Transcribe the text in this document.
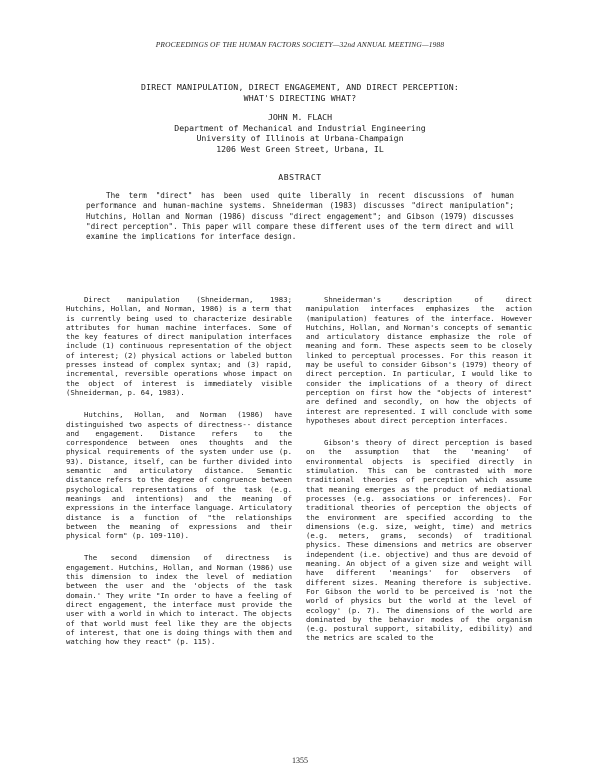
PROCEEDINGS OF THE HUMAN FACTORS SOCIETY—32nd ANNUAL MEETING—1988
DIRECT MANIPULATION, DIRECT ENGAGEMENT, AND DIRECT PERCEPTION:
WHAT'S DIRECTING WHAT?
JOHN M. FLACH
Department of Mechanical and Industrial Engineering
University of Illinois at Urbana-Champaign
1206 West Green Street, Urbana, IL
ABSTRACT
The term "direct" has been used quite liberally in recent discussions of human performance and human-machine systems. Shneiderman (1983) discusses "direct manipulation"; Hutchins, Hollan and Norman (1986) discuss "direct engagement"; and Gibson (1979) discusses "direct perception". This paper will compare these different uses of the term direct and will examine the implications for interface design.

Direct manipulation (Shneiderman, 1983; Hutchins, Hollan, and Norman, 1986) is a term that is currently being used to characterize desirable attributes for human machine interfaces. Some of the key features of direct manipulation interfaces include (1) continuous representation of the object of interest; (2) physical actions or labeled button presses instead of complex syntax; and (3) rapid, incremental, reversible operations whose impact on the object of interest is immediately visible (Shneiderman, p. 64, 1983).

Hutchins, Hollan, and Norman (1986) have distinguished two aspects of directness-- distance and engagement. Distance refers to the correspondence between ones thoughts and the physical requirements of the system under use (p. 93). Distance, itself, can be further divided into semantic and articulatory distance. Semantic distance refers to the degree of congruence between psychological representations of the task (e.g. meanings and intentions) and the meaning of expressions in the interface language. Articulatory distance is a function of "the relationships between the meaning of expressions and their physical form" (p. 109-110).

The second dimension of directness is engagement. Hutchins, Hollan, and Norman (1986) use this dimension to index the level of mediation between the user and the 'objects of the task domain.' They write "In order to have a feeling of direct engagement, the interface must provide the user with a world in which to interact. The objects of that world must feel like they are the objects of interest, that one is doing things with them and watching how they react" (p. 115).

Shneiderman's description of direct manipulation interfaces emphasizes the action (manipulation) features of the interface. However Hutchins, Hollan, and Norman's concepts of semantic and articulatory distance emphasize the role of meaning and form. These aspects seem to be closely linked to perceptual processes. For this reason it may be useful to consider Gibson's (1979) theory of direct perception. In particular, I would like to consider the implications of a theory of direct perception on first how the "objects of interest" are defined and secondly, on how the objects of interest are represented. I will conclude with some hypotheses about direct perception interfaces.

Gibson's theory of direct perception is based on the assumption that the 'meaning' of environmental objects is specified directly in stimulation. This can be contrasted with more traditional theories of perception which assume that meaning emerges as the product of mediational processes (e.g. associations or inferences). For traditional theories of perception the objects of the environment are specified according to the dimensions (e.g. size, weight, time) and metrics (e.g. meters, grams, seconds) of traditional physics. These dimensions and metrics are observer independent (i.e. objective) and thus are devoid of meaning. An object of a given size and weight will have different 'meanings' for observers of different sizes. Meaning therefore is subjective. For Gibson the world to be perceived is 'not the world of physics but the world at the level of ecology' (p. 7). The dimensions of the world are dominated by the behavior modes of the organism (e.g. postural support, sitability, edibility) and the metrics are scaled to the

1355
